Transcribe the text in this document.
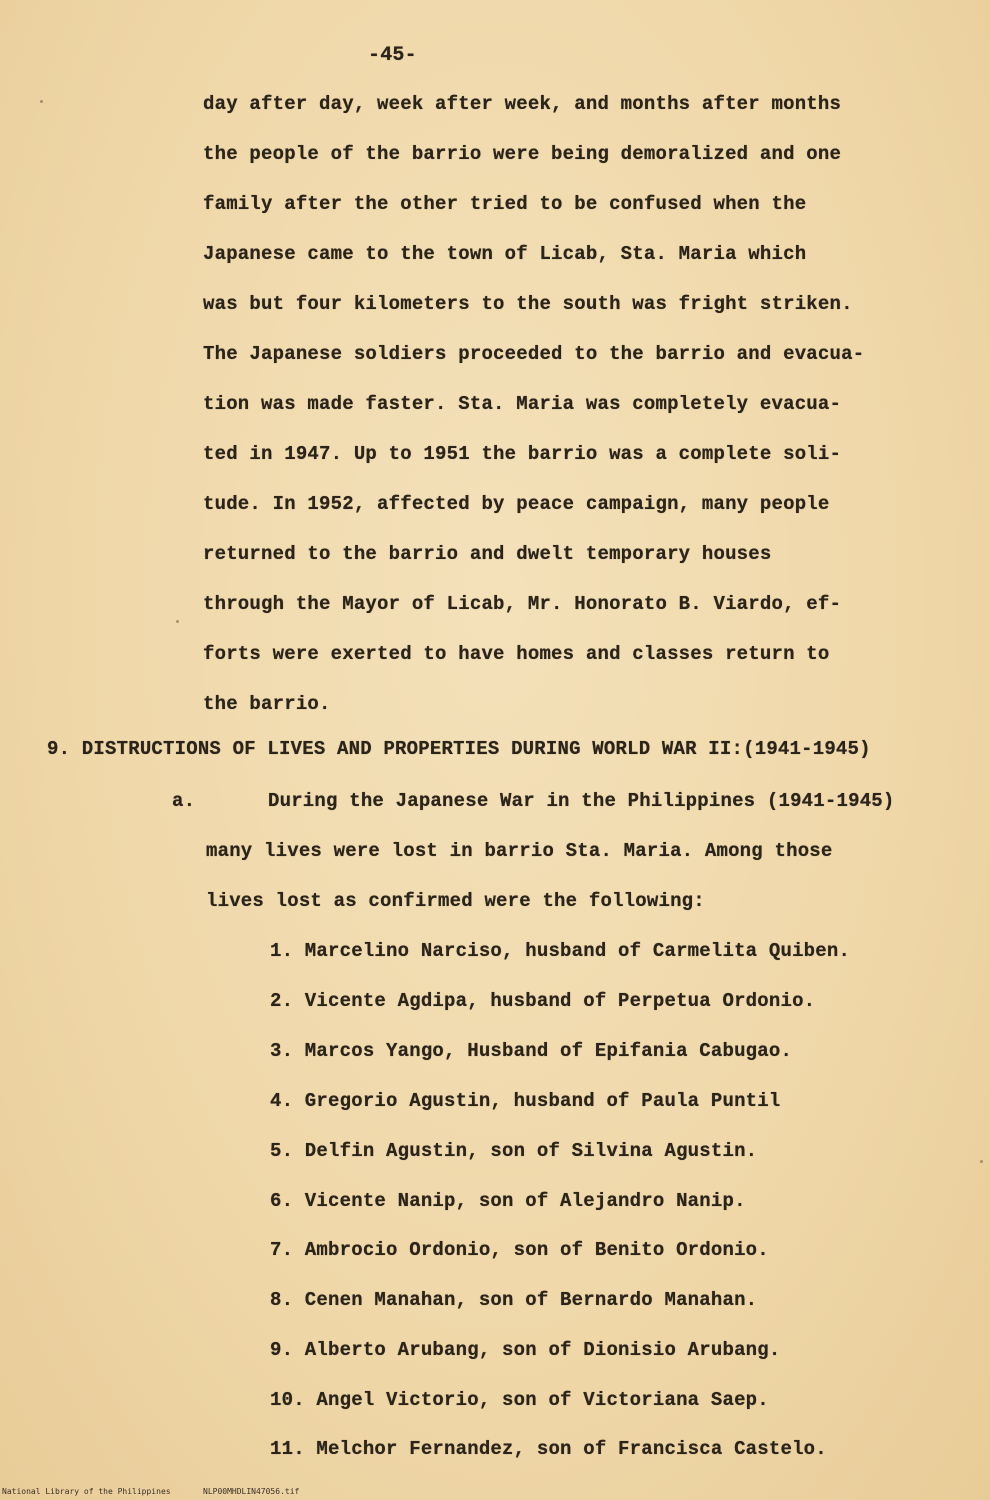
-45-
day after day, week after week, and months after months
the people of the barrio were being demoralized and one
family after the other tried to be confused when the
Japanese came to the town of Licab, Sta. Maria which
was but four kilometers to the south was fright striken.
The Japanese soldiers proceeded to the barrio and evacua-
tion was made faster. Sta. Maria was completely evacua-
ted in 1947. Up to 1951 the barrio was a complete soli-
tude. In 1952, affected by peace campaign, many people
returned to the barrio and dwelt temporary houses
through the Mayor of Licab, Mr. Honorato B. Viardo, ef-
forts were exerted to have homes and classes return to
the barrio.
9. DISTRUCTIONS OF LIVES AND PROPERTIES DURING WORLD WAR II:(1941-1945)
a.	During the Japanese War in the Philippines (1941-1945)
many lives were lost in barrio Sta. Maria. Among those
lives lost as confirmed were the following:
1. Marcelino Narciso, husband of Carmelita Quiben.
2. Vicente Agdipa, husband of Perpetua Ordonio.
3. Marcos Yango, Husband of Epifania Cabugao.
4. Gregorio Agustin, husband of Paula Puntil
5. Delfin Agustin, son of Silvina Agustin.
6. Vicente Nanip, son of Alejandro Nanip.
7. Ambrocio Ordonio, son of Benito Ordonio.
8. Cenen Manahan, son of Bernardo Manahan.
9. Alberto Arubang, son of Dionisio Arubang.
10. Angel Victorio, son of Victoriana Saep.
11. Melchor Fernandez, son of Francisca Castelo.
National Library of the Philippines	NLP00MHDLIN47056.tif
